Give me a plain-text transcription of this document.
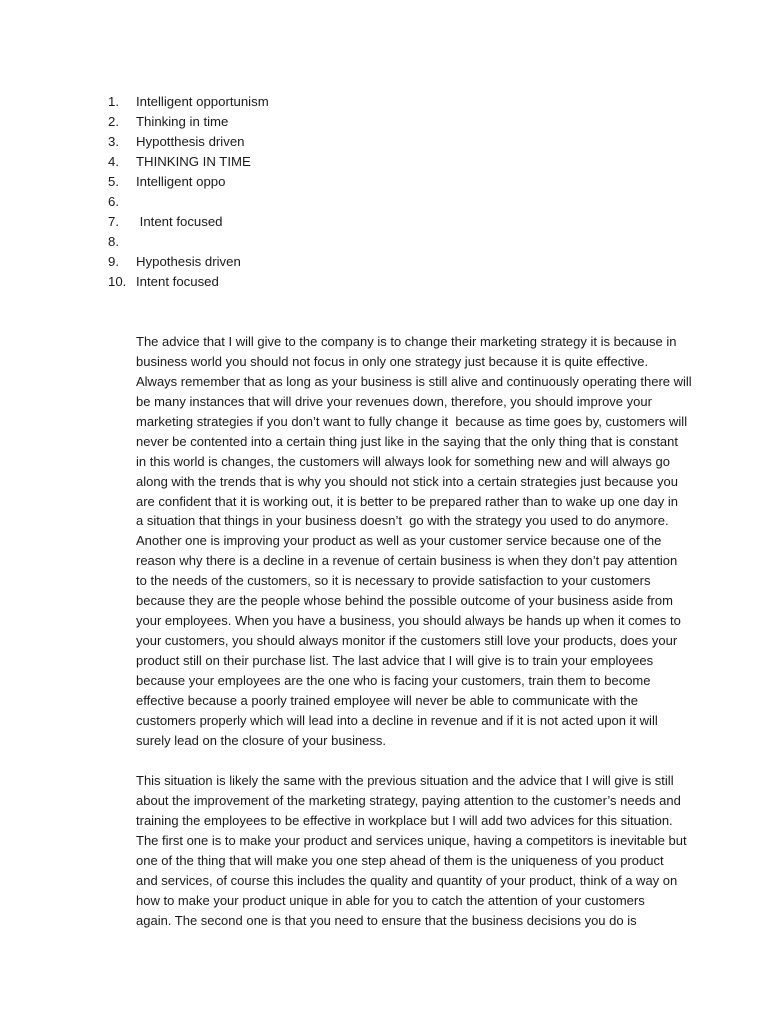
1.	Intelligent opportunism
2.	Thinking in time
3.	Hypotthesis driven
4.	THINKING IN TIME
5.	Intelligent oppo
6.
7.	Intent focused
8.
9.	Hypothesis driven
10. Intent focused
The advice that I will give to the company is to change their marketing strategy it is because in
business world you should not focus in only one strategy just because it is quite effective.
Always remember that as long as your business is still alive and continuously operating there will
be many instances that will drive your revenues down, therefore, you should improve your
marketing strategies if you don’t want to fully change it  because as time goes by, customers will
never be contented into a certain thing just like in the saying that the only thing that is constant
in this world is changes, the customers will always look for something new and will always go
along with the trends that is why you should not stick into a certain strategies just because you
are confident that it is working out, it is better to be prepared rather than to wake up one day in
a situation that things in your business doesn’t  go with the strategy you used to do anymore.
Another one is improving your product as well as your customer service because one of the
reason why there is a decline in a revenue of certain business is when they don’t pay attention
to the needs of the customers, so it is necessary to provide satisfaction to your customers
because they are the people whose behind the possible outcome of your business aside from
your employees. When you have a business, you should always be hands up when it comes to
your customers, you should always monitor if the customers still love your products, does your
product still on their purchase list. The last advice that I will give is to train your employees
because your employees are the one who is facing your customers, train them to become
effective because a poorly trained employee will never be able to communicate with the
customers properly which will lead into a decline in revenue and if it is not acted upon it will
surely lead on the closure of your business.
This situation is likely the same with the previous situation and the advice that I will give is still
about the improvement of the marketing strategy, paying attention to the customer’s needs and
training the employees to be effective in workplace but I will add two advices for this situation.
The first one is to make your product and services unique, having a competitors is inevitable but
one of the thing that will make you one step ahead of them is the uniqueness of you product
and services, of course this includes the quality and quantity of your product, think of a way on
how to make your product unique in able for you to catch the attention of your customers
again. The second one is that you need to ensure that the business decisions you do is
